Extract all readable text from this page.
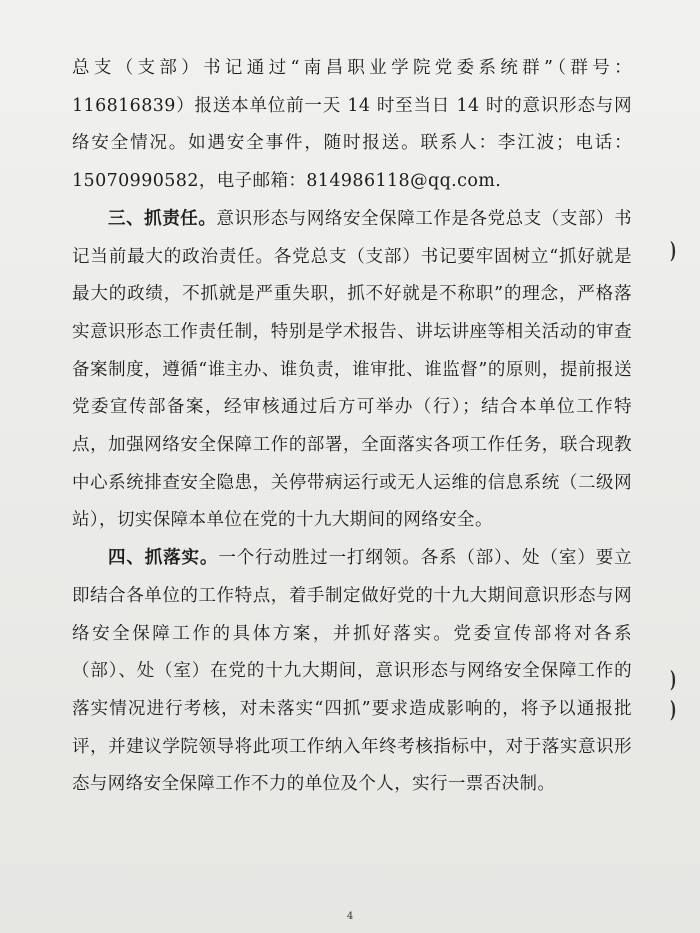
总支（支部）书记通过“南昌职业学院党委系统群”（群号：116816839）报送本单位前一天 14 时至当日 14 时的意识形态与网络安全情况。如遇安全事件，随时报送。联系人：李江波；电话：15070990582，电子邮箱：814986118@qq.com.

三、抓责任。意识形态与网络安全保障工作是各党总支（支部）书记当前最大的政治责任。各党总支（支部）书记要牢固树立“抓好就是最大的政绩，不抓就是严重失职，抓不好就是不称职”的理念，严格落实意识形态工作责任制，特别是学术报告、讲坛讲座等相关活动的审查备案制度，遵循“谁主办、谁负责，谁审批、谁监督”的原则，提前报送党委宣传部备案，经审核通过后方可举办（行）；结合本单位工作特点，加强网络安全保障工作的部署，全面落实各项工作任务，联合现教中心系统排查安全隐患，关停带病运行或无人运维的信息系统（二级网站），切实保障本单位在党的十九大期间的网络安全。

四、抓落实。一个行动胜过一打纲领。各系（部）、处（室）要立即结合各单位的工作特点，着手制定做好党的十九大期间意识形态与网络安全保障工作的具体方案，并抓好落实。党委宣传部将对各系（部）、处（室）在党的十九大期间，意识形态与网络安全保障工作的落实情况进行考核，对未落实“四抓”要求造成影响的，将予以通报批评，并建议学院领导将此项工作纳入年终考核指标中，对于落实意识形态与网络安全保障工作不力的单位及个人，实行一票否决制。

)
)
)
4
